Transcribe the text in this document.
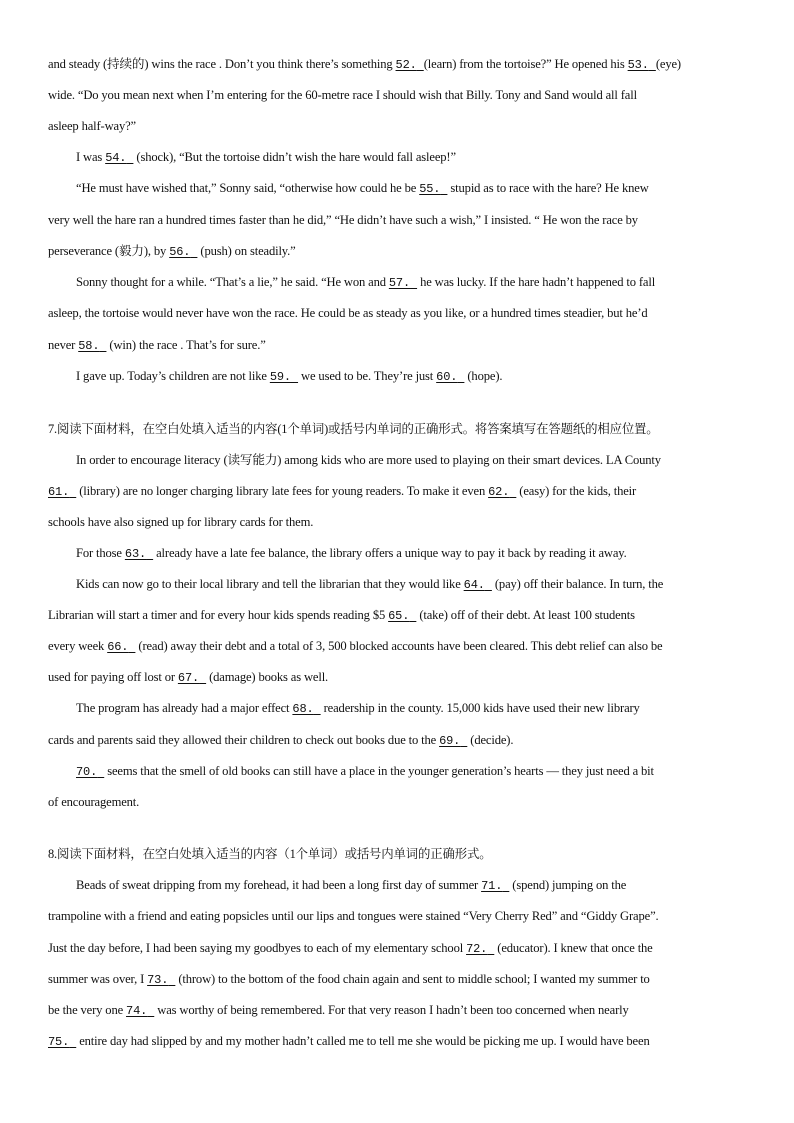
and steady (持续的) wins the race . Don’t you think there’s something 52. (learn) from the tortoise?” He opened his 53. (eye)
wide. “Do you mean next when I’m entering for the 60-metre race I should wish that Billy. Tony and Sand would all fall
asleep half-way?”
I was 54. (shock), “But the tortoise didn’t wish the hare would fall asleep!”
“He must have wished that,” Sonny said, “otherwise how could he be 55. stupid as to race with the hare? He knew
very well the hare ran a hundred times faster than he did,” “He didn’t have such a wish,” I insisted. “ He won the race by
perseverance (毅力), by 56. (push) on steadily.”
Sonny thought for a while. “That’s a lie,” he said. “He won and 57. he was lucky. If the hare hadn’t happened to fall
asleep, the tortoise would never have won the race. He could be as steady as you like, or a hundred times steadier, but he’d
never 58. (win) the race . That’s for sure.”
I gave up. Today’s children are not like 59. we used to be. They’re just 60. (hope).
7.阅读下面材料，在空白处填入适当的内容(1个单词)或括号内单词的正确形式。将答案填写在答题纸的相应位置。
In order to encourage literacy (读写能力) among kids who are more used to playing on their smart devices. LA County
61. (library) are no longer charging library late fees for young readers. To make it even 62. (easy) for the kids, their
schools have also signed up for library cards for them.
For those 63. already have a late fee balance, the library offers a unique way to pay it back by reading it away.
Kids can now go to their local library and tell the librarian that they would like 64. (pay) off their balance. In turn, the
Librarian will start a timer and for every hour kids spends reading $5 65. (take) off of their debt. At least 100 students
every week 66. (read) away their debt and a total of 3, 500 blocked accounts have been cleared. This debt relief can also be
used for paying off lost or 67. (damage) books as well.
The program has already had a major effect 68. readership in the county. 15,000 kids have used their new library
cards and parents said they allowed their children to check out books due to the 69. (decide).
70. seems that the smell of old books can still have a place in the younger generation’s hearts — they just need a bit
of encouragement.
8.阅读下面材料，在空白处填入适当的内容（1个单词）或括号内单词的正确形式。
Beads of sweat dripping from my forehead, it had been a long first day of summer 71. (spend) jumping on the
trampoline with a friend and eating popsicles until our lips and tongues were stained “Very Cherry Red” and “Giddy Grape”.
Just the day before, I had been saying my goodbyes to each of my elementary school 72. (educator). I knew that once the
summer was over, I 73. (throw) to the bottom of the food chain again and sent to middle school; I wanted my summer to
be the very one 74. was worthy of being remembered. For that very reason I hadn’t been too concerned when nearly
75. entire day had slipped by and my mother hadn’t called me to tell me she would be picking me up. I would have been
